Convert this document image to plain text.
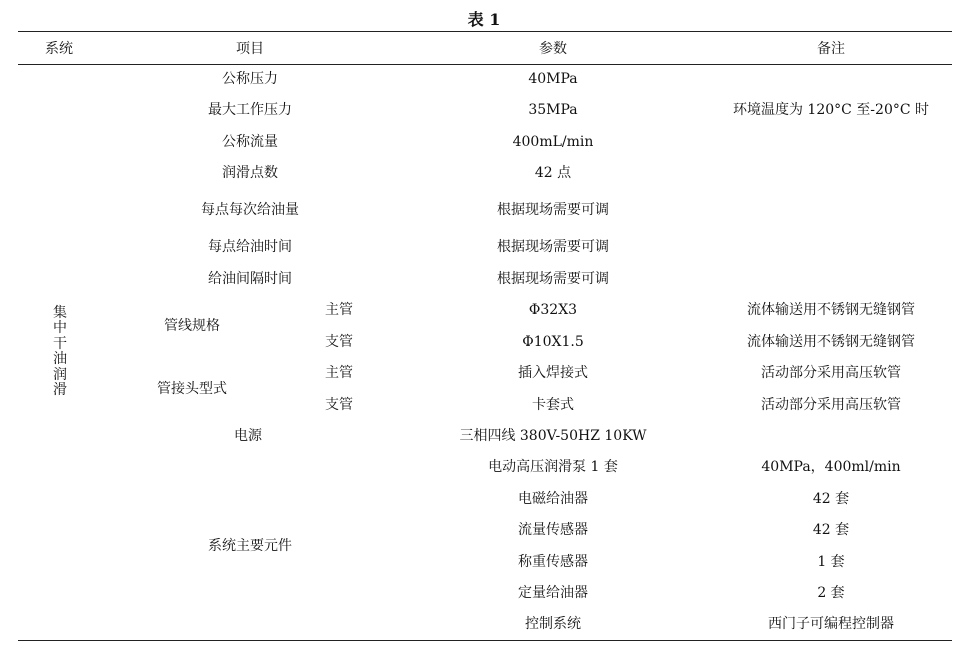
表 1
系统	项目	参数	备注
集
中
干
油
润
滑
公称压力	40MPa
最大工作压力	35MPa	环境温度为 120°C 至-20°C 时
公称流量	400mL/min
润滑点数	42 点
每点每次给油量	根据现场需要可调
每点给油时间	根据现场需要可调
给油间隔时间	根据现场需要可调
管线规格
主管	Φ32X3	流体输送用不锈钢无缝钢管
支管	Φ10X1.5	流体输送用不锈钢无缝钢管
管接头型式
主管	插入焊接式	活动部分采用高压软管
支管	卡套式	活动部分采用高压软管
电源	三相四线 380V-50HZ 10KW
系统主要元件
电动高压润滑泵 1 套	40MPa，400ml/min
电磁给油器	42 套
流量传感器	42 套
称重传感器	1 套
定量给油器	2 套
控制系统	西门子可编程控制器
